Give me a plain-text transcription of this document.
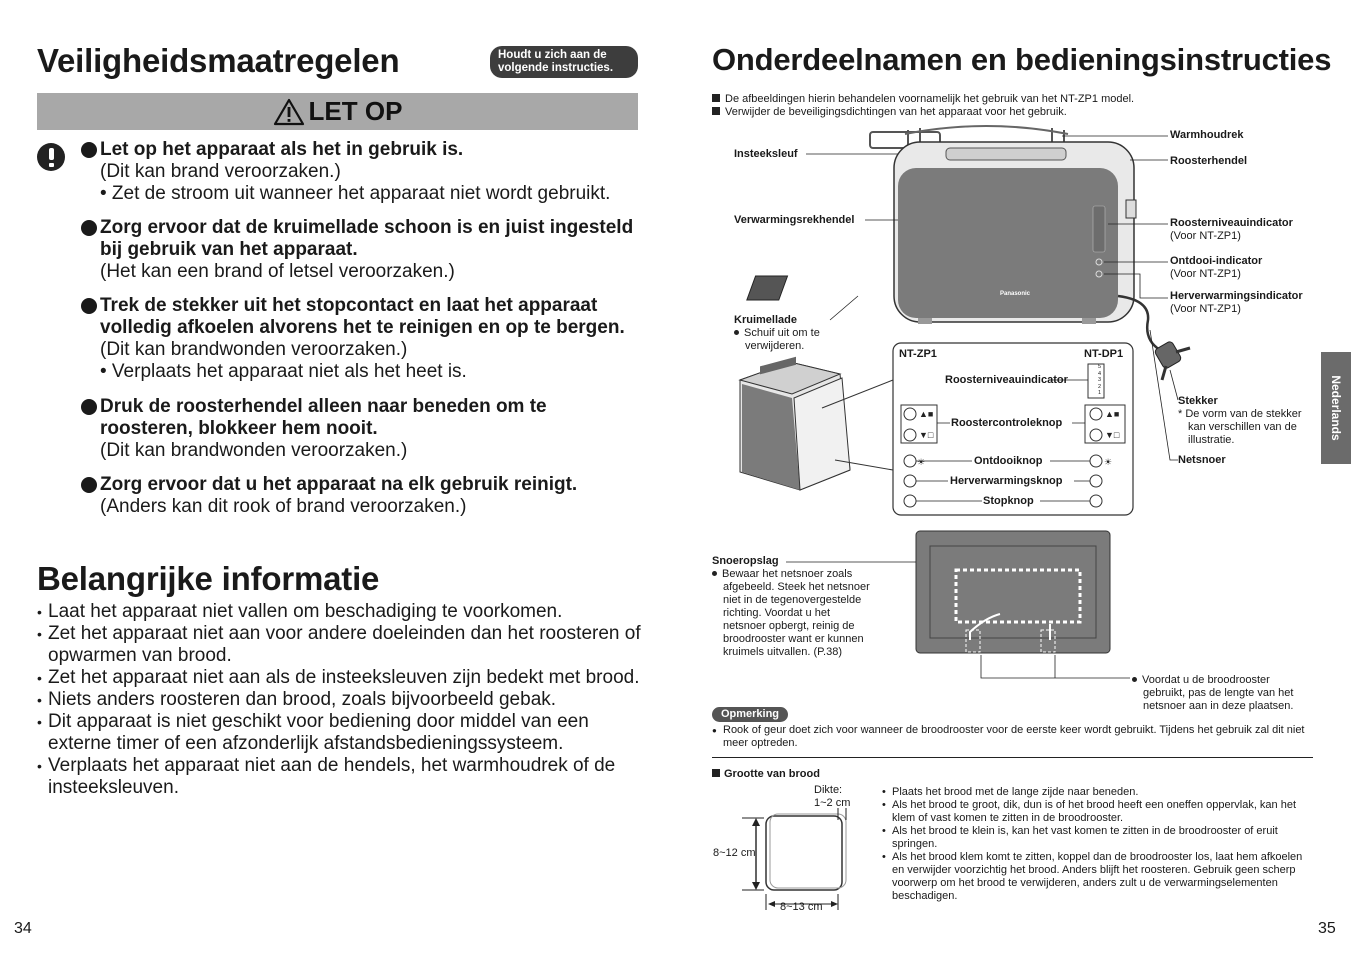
Veiligheidsmaatregelen	Houdt u zich aan de
volgende instructies.
LET OP
Let op het apparaat als het in gebruik is.
(Dit kan brand veroorzaken.)
• Zet de stroom uit wanneer het apparaat niet wordt gebruikt.
Zorg ervoor dat de kruimellade schoon is en juist ingesteld
bij gebruik van het apparaat.
(Het kan een brand of letsel veroorzaken.)
Trek de stekker uit het stopcontact en laat het apparaat
volledig afkoelen alvorens het te reinigen en op te bergen.
(Dit kan brandwonden veroorzaken.)
• Verplaats het apparaat niet als het heet is.
Druk de roosterhendel alleen naar beneden om te
roosteren, blokkeer hem nooit.
(Dit kan brandwonden veroorzaken.)
Zorg ervoor dat u het apparaat na elk gebruik reinigt.
(Anders kan dit rook of brand veroorzaken.)
Belangrijke informatie
• Laat het apparaat niet vallen om beschadiging te voorkomen.
• Zet het apparaat niet aan voor andere doeleinden dan het roosteren of opwarmen van brood.
• Zet het apparaat niet aan als de insteeksleuven zijn bedekt met brood.
• Niets anders roosteren dan brood, zoals bijvoorbeeld gebak.
• Dit apparaat is niet geschikt voor bediening door middel van een externe timer of een afzonderlijk afstandsbedieningssysteem.
• Verplaats het apparaat niet aan de hendels, het warmhoudrek of de insteeksleuven.
34
Onderdeelnamen en bedieningsinstructies
De afbeeldingen hierin behandelen voornamelijk het gebruik van het NT-ZP1 model.
Verwijder de beveiligingsdichtingen van het apparaat voor het gebruik.
▲■
▼□
▲■
▼□
☀	☀
Warmhoudrek
Roosterhendel
Insteeksleuf
Verwarmingsrekhendel	Roosterniveauindicator
(Voor NT-ZP1)
Ontdooi-indicator
(Voor NT-ZP1)
Herverwarmingsindicator
(Voor NT-ZP1)
Panasonic
Kruimellade
Schuif uit om te
verwijderen.
Stekker
* De vorm van de stekker
kan verschillen van de
illustratie.
Netsnoer
NT-ZP1	NT-DP1
Roosterniveauindicator
Roostercontroleknop
Ontdooiknop
Herverwarmingsknop
Stopknop
5
4
3
2
1	Nederlands
Snoeropslag
Bewaar het netsnoer zoals
afgebeeld. Steek het netsnoer
niet in de tegenovergestelde
richting. Voordat u het
netsnoer opbergt, reinig de
broodrooster want er kunnen
kruimels uitvallen. (P.38)
Voordat u de broodrooster
gebruikt, pas de lengte van het
netsnoer aan in deze plaatsen.
Opmerking
● Rook of geur doet zich voor wanneer de broodrooster voor de eerste keer wordt gebruikt. Tijdens het gebruik zal dit niet meer optreden.
Grootte van brood
Dikte:
1~2 cm
8~12 cm
8~13 cm
• Plaats het brood met de lange zijde naar beneden.
• Als het brood te groot, dik, dun is of het brood heeft een oneffen oppervlak, kan het klem of vast komen te zitten in de broodrooster.
• Als het brood te klein is, kan het vast komen te zitten in de broodrooster of eruit springen.
• Als het brood klem komt te zitten, koppel dan de broodrooster los, laat hem afkoelen en verwijder voorzichtig het brood. Anders blijft het roosteren. Gebruik geen scherp voorwerp om het brood te verwijderen, anders zult u de verwarmingselementen beschadigen.
35
